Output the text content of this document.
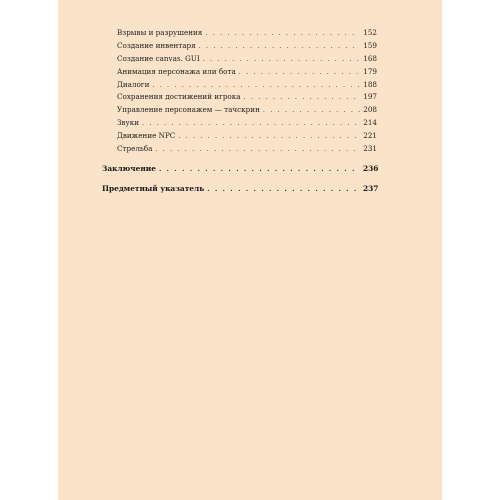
Взрывы и разрушения . . .	152
Создание инвентаря . . .	159
Создание canvas. GUI . . .	168
Анимация персонажа или бота . . .	179
Диалоги . . .	188
Сохранения достижений игрока . . .	197
Управление персонажем — тачскрин . . .	208
Звуки . . .	214
Движение NPC . . .	221
Стрельба . . .	231
Заключение . . .	236
Предметный указатель . . .	237
